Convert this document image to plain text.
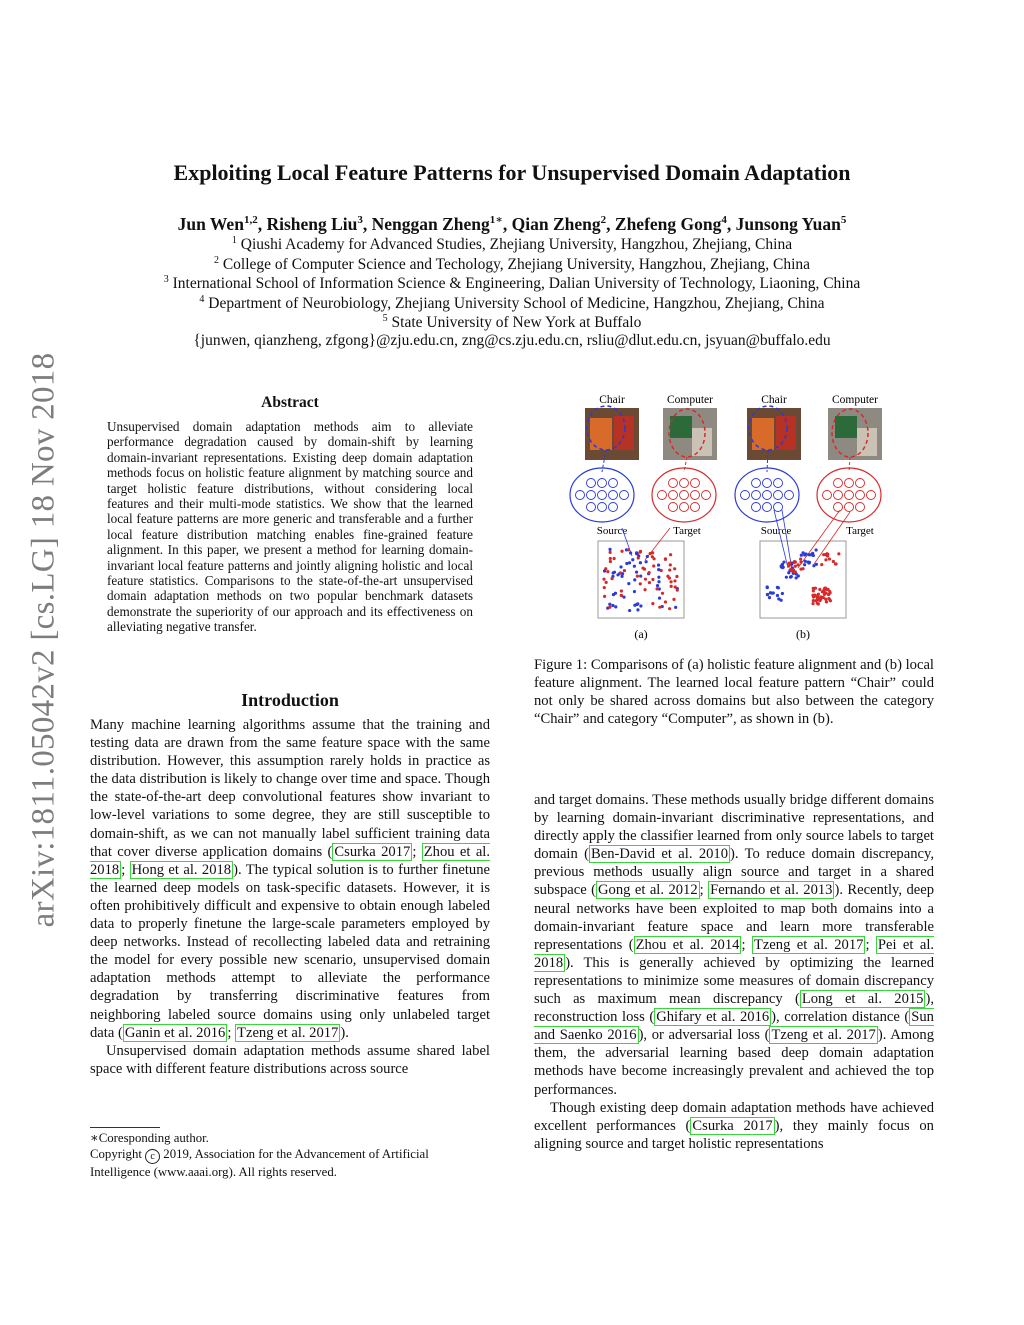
arXiv:1811.05042v2 [cs.LG] 18 Nov 2018
Exploiting Local Feature Patterns for Unsupervised Domain Adaptation
Jun Wen$^{1,2}$, Risheng Liu$^3$, Nenggan Zheng$^{1∗}$, Qian Zheng$^2$, Zhefeng Gong$^4$, Junsong Yuan$^5$
$^1$ Qiushi Academy for Advanced Studies, Zhejiang University, Hangzhou, Zhejiang, China
$^2$ College of Computer Science and Techology, Zhejiang University, Hangzhou, Zhejiang, China
$^3$ International School of Information Science & Engineering, Dalian University of Technology, Liaoning, China
$^4$ Department of Neurobiology, Zhejiang University School of Medicine, Hangzhou, Zhejiang, China
$^5$ State University of New York at Buffalo
{junwen, qianzheng, zfgong}@zju.edu.cn, zng@cs.zju.edu.cn, rsliu@dlut.edu.cn, jsyuan@buffalo.edu
Abstract
Unsupervised domain adaptation methods aim to alleviate performance degradation caused by domain-shift by learning domain-invariant representations. Existing deep domain adaptation methods focus on holistic feature alignment by matching source and target holistic feature distributions, without considering local features and their multi-mode statistics. We show that the learned local feature patterns are more generic and transferable and a further local feature distribution matching enables fine-grained feature alignment. In this paper, we present a method for learning domain-invariant local feature patterns and jointly aligning holistic and local feature statistics. Comparisons to the state-of-the-art unsupervised domain adaptation methods on two popular benchmark datasets demonstrate the superiority of our approach and its effectiveness on alleviating negative transfer.
Introduction

Many machine learning algorithms assume that the training and testing data are drawn from the same feature space with the same distribution. However, this assumption rarely holds in practice as the data distribution is likely to change over time and space. Though the state-of-the-art deep convolutional features show invariant to low-level variations to some degree, they are still susceptible to domain-shift, as we can not manually label sufficient training data that cover diverse application domains ( Csurka 2017 ; Zhou et al. 2018 ; Hong et al. 2018 ). The typical solution is to further finetune the learned deep models on task-specific datasets. However, it is often prohibitively difficult and expensive to obtain enough labeled data to properly finetune the large-scale parameters employed by deep networks. Instead of recollecting labeled data and retraining the model for every possible new scenario, unsupervised domain adaptation methods attempt to alleviate the performance degradation by transferring discriminative features from neighboring labeled source domains using only unlabeled target data ( Ganin et al. 2016 ; Tzeng et al. 2017 ).

Unsupervised domain adaptation methods assume shared label space with different feature distributions across source

∗Coresponding author.
Copyright c 2019, Association for the Advancement of Artificial Intelligence (www.aaai.org). All rights reserved.
Chair	Computer	Chair	Computer
Source	Target	Source	Target
(a)	(b)
Figure 1: Comparisons of (a) holistic feature alignment and (b) local feature alignment. The learned local feature pattern “Chair” could not only be shared across domains but also between the category “Chair” and category “Computer”, as shown in (b).

and target domains. These methods usually bridge different domains by learning domain-invariant discriminative representations, and directly apply the classifier learned from only source labels to target domain ( Ben-David et al. 2010 ). To reduce domain discrepancy, previous methods usually align source and target in a shared subspace ( Gong et al. 2012 ; Fernando et al. 2013 ). Recently, deep neural networks have been exploited to map both domains into a domain-invariant feature space and learn more transferable representations ( Zhou et al. 2014 ; Tzeng et al. 2017 ; Pei et al. 2018 ). This is generally achieved by optimizing the learned representations to minimize some measures of domain discrepancy such as maximum mean discrepancy ( Long et al. 2015 ), reconstruction loss ( Ghifary et al. 2016 ), correlation distance ( Sun and Saenko 2016 ), or adversarial loss ( Tzeng et al. 2017 ). Among them, the adversarial learning based deep domain adaptation methods have become increasingly prevalent and achieved the top performances.

Though existing deep domain adaptation methods have achieved excellent performances ( Csurka 2017 ), they mainly focus on aligning source and target holistic representations
